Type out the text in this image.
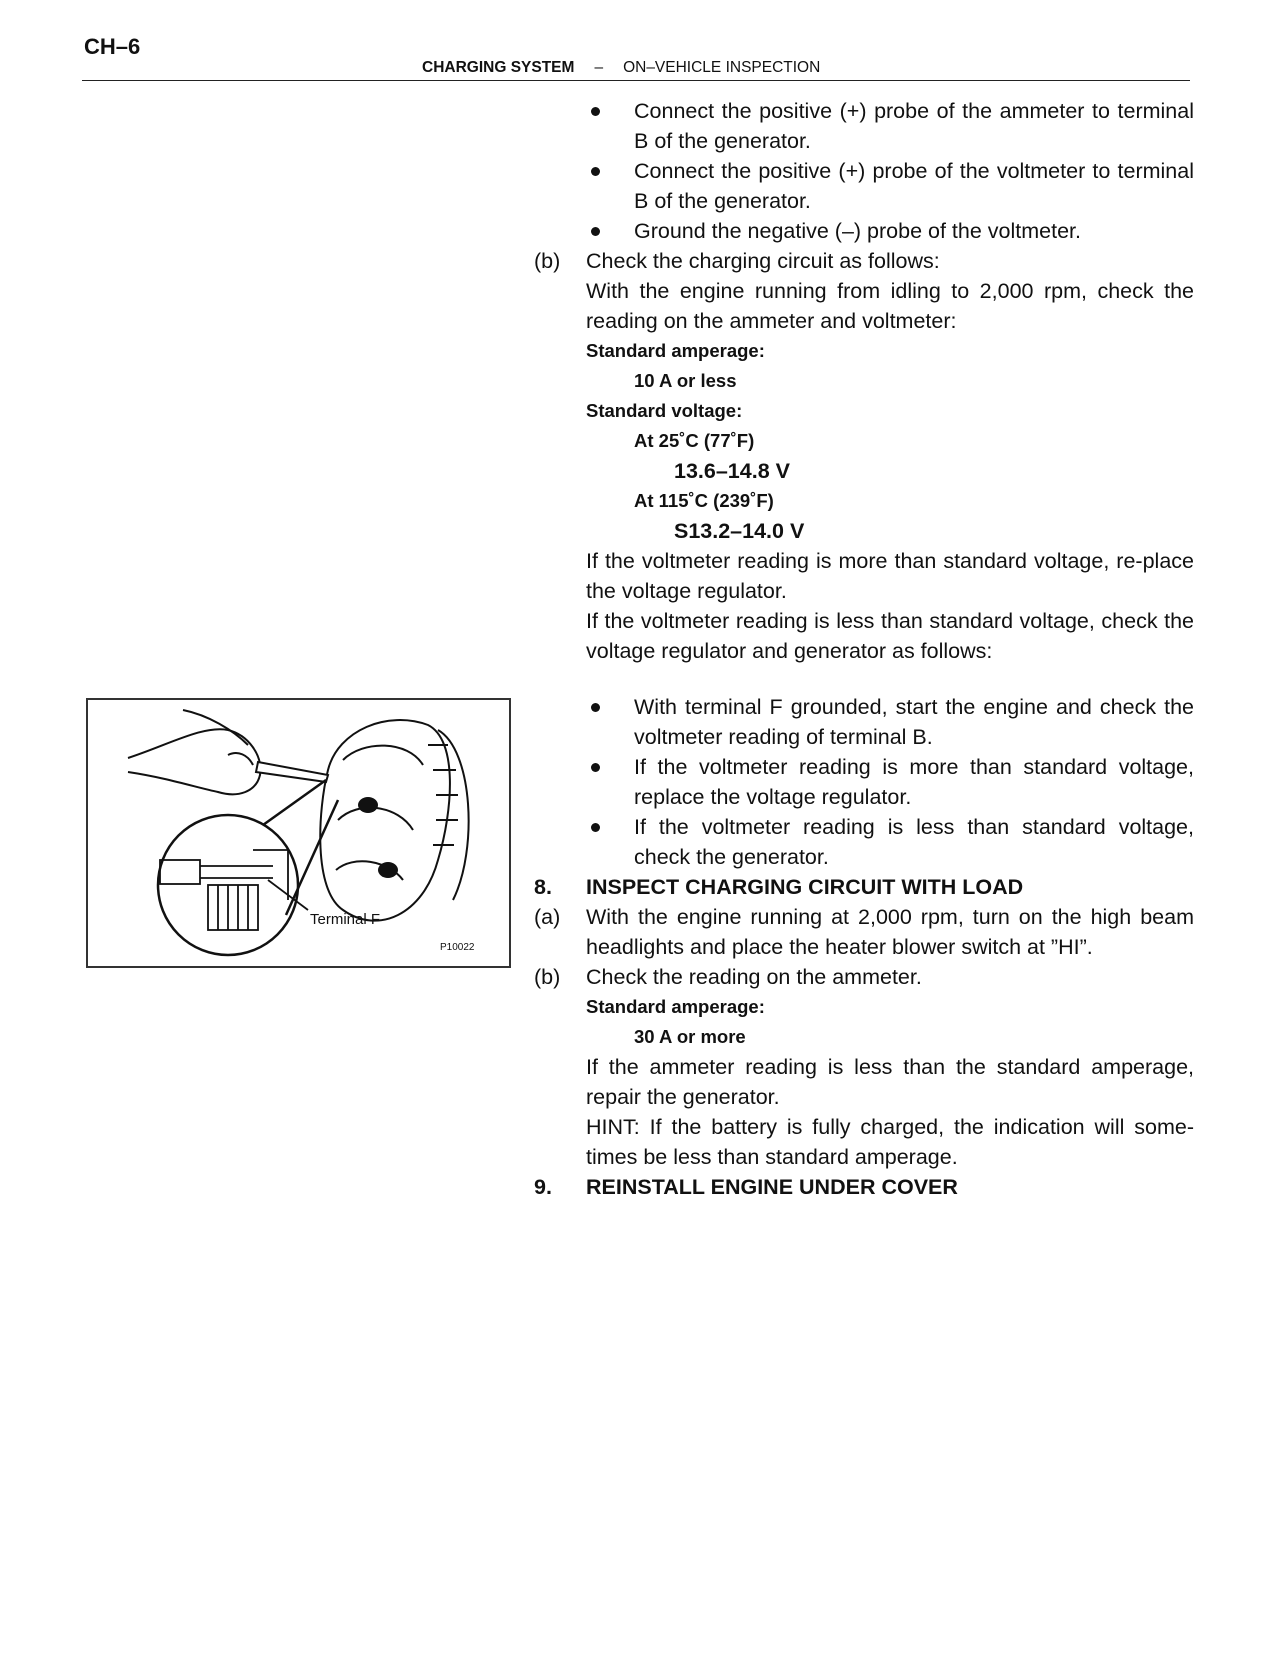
CH–6
CHARGING SYSTEM – ON–VEHICLE INSPECTION
Terminal F
P10022
Connect the positive (+) probe of the ammeter to terminal B of the generator.
Connect the positive (+) probe of the voltmeter to terminal B of the generator.
Ground the negative (–) probe of the voltmeter.
(b) Check the charging circuit as follows:
With the engine running from idling to 2,000 rpm, check the reading on the ammeter and voltmeter:
Standard amperage:
10 A or less
Standard voltage:
At 25˚C (77˚F)
13.6–14.8 V
At 115˚C (239˚F)
S13.2–14.0 V
If the voltmeter reading is more than standard voltage, re-place the voltage regulator.
If the voltmeter reading is less than standard voltage, check the voltage regulator and generator as follows:
With terminal F grounded, start the engine and check the voltmeter reading of terminal B.
If the voltmeter reading is more than standard voltage, replace the voltage regulator.
If the voltmeter reading is less than standard voltage, check the generator.
8. INSPECT CHARGING CIRCUIT WITH LOAD
(a) With the engine running at 2,000 rpm, turn on the high beam headlights and place the heater blower switch at ”HI”.
(b) Check the reading on the ammeter.
Standard amperage:
30 A or more
If the ammeter reading is less than the standard amperage, repair the generator.
HINT: If the battery is fully charged, the indication will some-times be less than standard amperage.
9. REINSTALL ENGINE UNDER COVER
